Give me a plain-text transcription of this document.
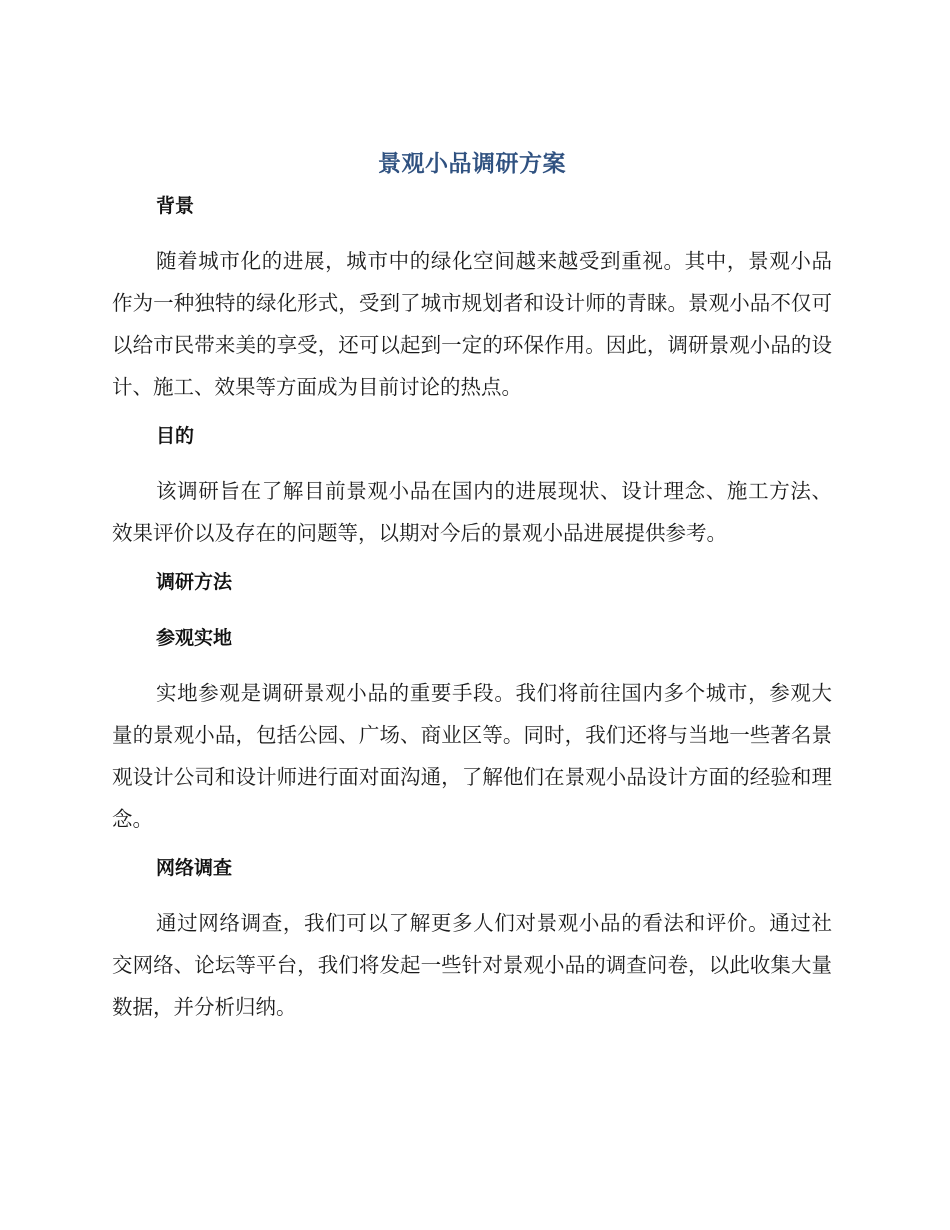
景观小品调研方案
背景

随着城市化的进展，城市中的绿化空间越来越受到重视。其中，景观小品作为一种独特的绿化形式，受到了城市规划者和设计师的青睐。景观小品不仅可以给市民带来美的享受，还可以起到一定的环保作用。因此，调研景观小品的设计、施工、效果等方面成为目前讨论的热点。

目的

该调研旨在了解目前景观小品在国内的进展现状、设计理念、施工方法、效果评价以及存在的问题等，以期对今后的景观小品进展提供参考。

调研方法
参观实地

实地参观是调研景观小品的重要手段。我们将前往国内多个城市，参观大量的景观小品，包括公园、广场、商业区等。同时，我们还将与当地一些著名景观设计公司和设计师进行面对面沟通，了解他们在景观小品设计方面的经验和理念。

网络调查

通过网络调查，我们可以了解更多人们对景观小品的看法和评价。通过社交网络、论坛等平台，我们将发起一些针对景观小品的调查问卷，以此收集大量数据，并分析归纳。
